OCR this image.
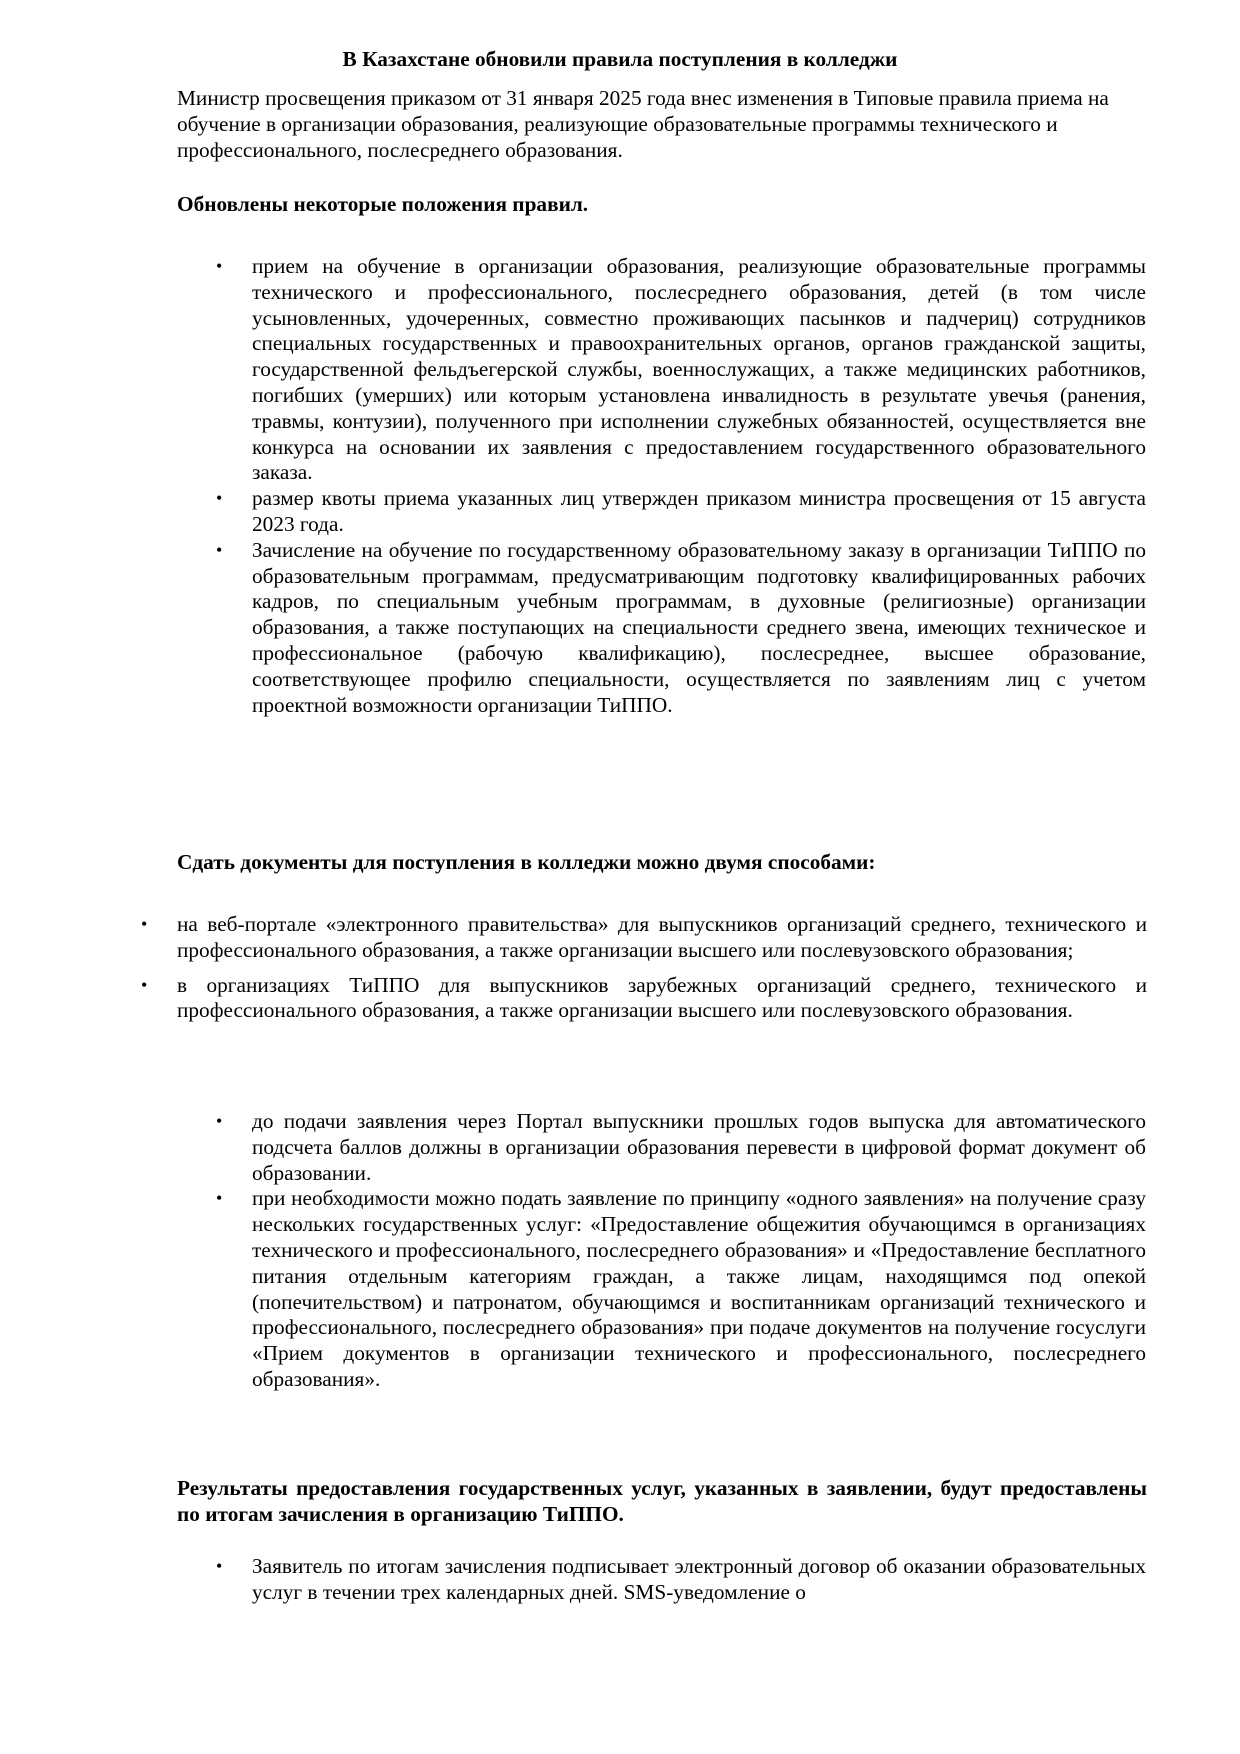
В Казахстане обновили правила поступления в колледжи
Министр просвещения приказом от 31 января 2025 года внес изменения в Типовые правила приема на обучение в организации образования, реализующие образовательные программы технического и профессионального, послесреднего образования.
Обновлены некоторые положения правил.
• прием на обучение в организации образования, реализующие образовательные программы технического и профессионального, послесреднего образования, детей (в том числе усыновленных, удочеренных, совместно проживающих пасынков и падчериц) сотрудников специальных государственных и правоохранительных органов, органов гражданской защиты, государственной фельдъегерской службы, военнослужащих, а также медицинских работников, погибших (умерших) или которым установлена инвалидность в результате увечья (ранения, травмы, контузии), полученного при исполнении служебных обязанностей, осуществляется вне конкурса на основании их заявления с предоставлением государственного образовательного заказа.
• размер квоты приема указанных лиц утвержден приказом министра просвещения от 15 августа 2023 года.
• Зачисление на обучение по государственному образовательному заказу в организации ТиППО по образовательным программам, предусматривающим подготовку квалифицированных рабочих кадров, по специальным учебным программам, в духовные (религиозные) организации образования, а также поступающих на специальности среднего звена, имеющих техническое и профессиональное (рабочую квалификацию), послесреднее, высшее образование, соответствующее профилю специальности, осуществляется по заявлениям лиц с учетом проектной возможности организации ТиППО.
Сдать документы для поступления в колледжи можно двумя способами:
• на веб-портале «электронного правительства» для выпускников организаций среднего, технического и профессионального образования, а также организации высшего или послевузовского образования;
• в организациях ТиППО для выпускников зарубежных организаций среднего, технического и профессионального образования, а также организации высшего или послевузовского образования.
• до подачи заявления через Портал выпускники прошлых годов выпуска для автоматического подсчета баллов должны в организации образования перевести в цифровой формат документ об образовании.
• при необходимости можно подать заявление по принципу «одного заявления» на получение сразу нескольких государственных услуг: «Предоставление общежития обучающимся в организациях технического и профессионального, послесреднего образования» и «Предоставление бесплатного питания отдельным категориям граждан, а также лицам, находящимся под опекой (попечительством) и патронатом, обучающимся и воспитанникам организаций технического и профессионального, послесреднего образования» при подаче документов на получение госуслуги «Прием документов в организации технического и профессионального, послесреднего образования».
Результаты предоставления государственных услуг, указанных в заявлении, будут предоставлены по итогам зачисления в организацию ТиППО.
• Заявитель по итогам зачисления подписывает электронный договор об оказании образовательных услуг в течении трех календарных дней. SMS-уведомление о
